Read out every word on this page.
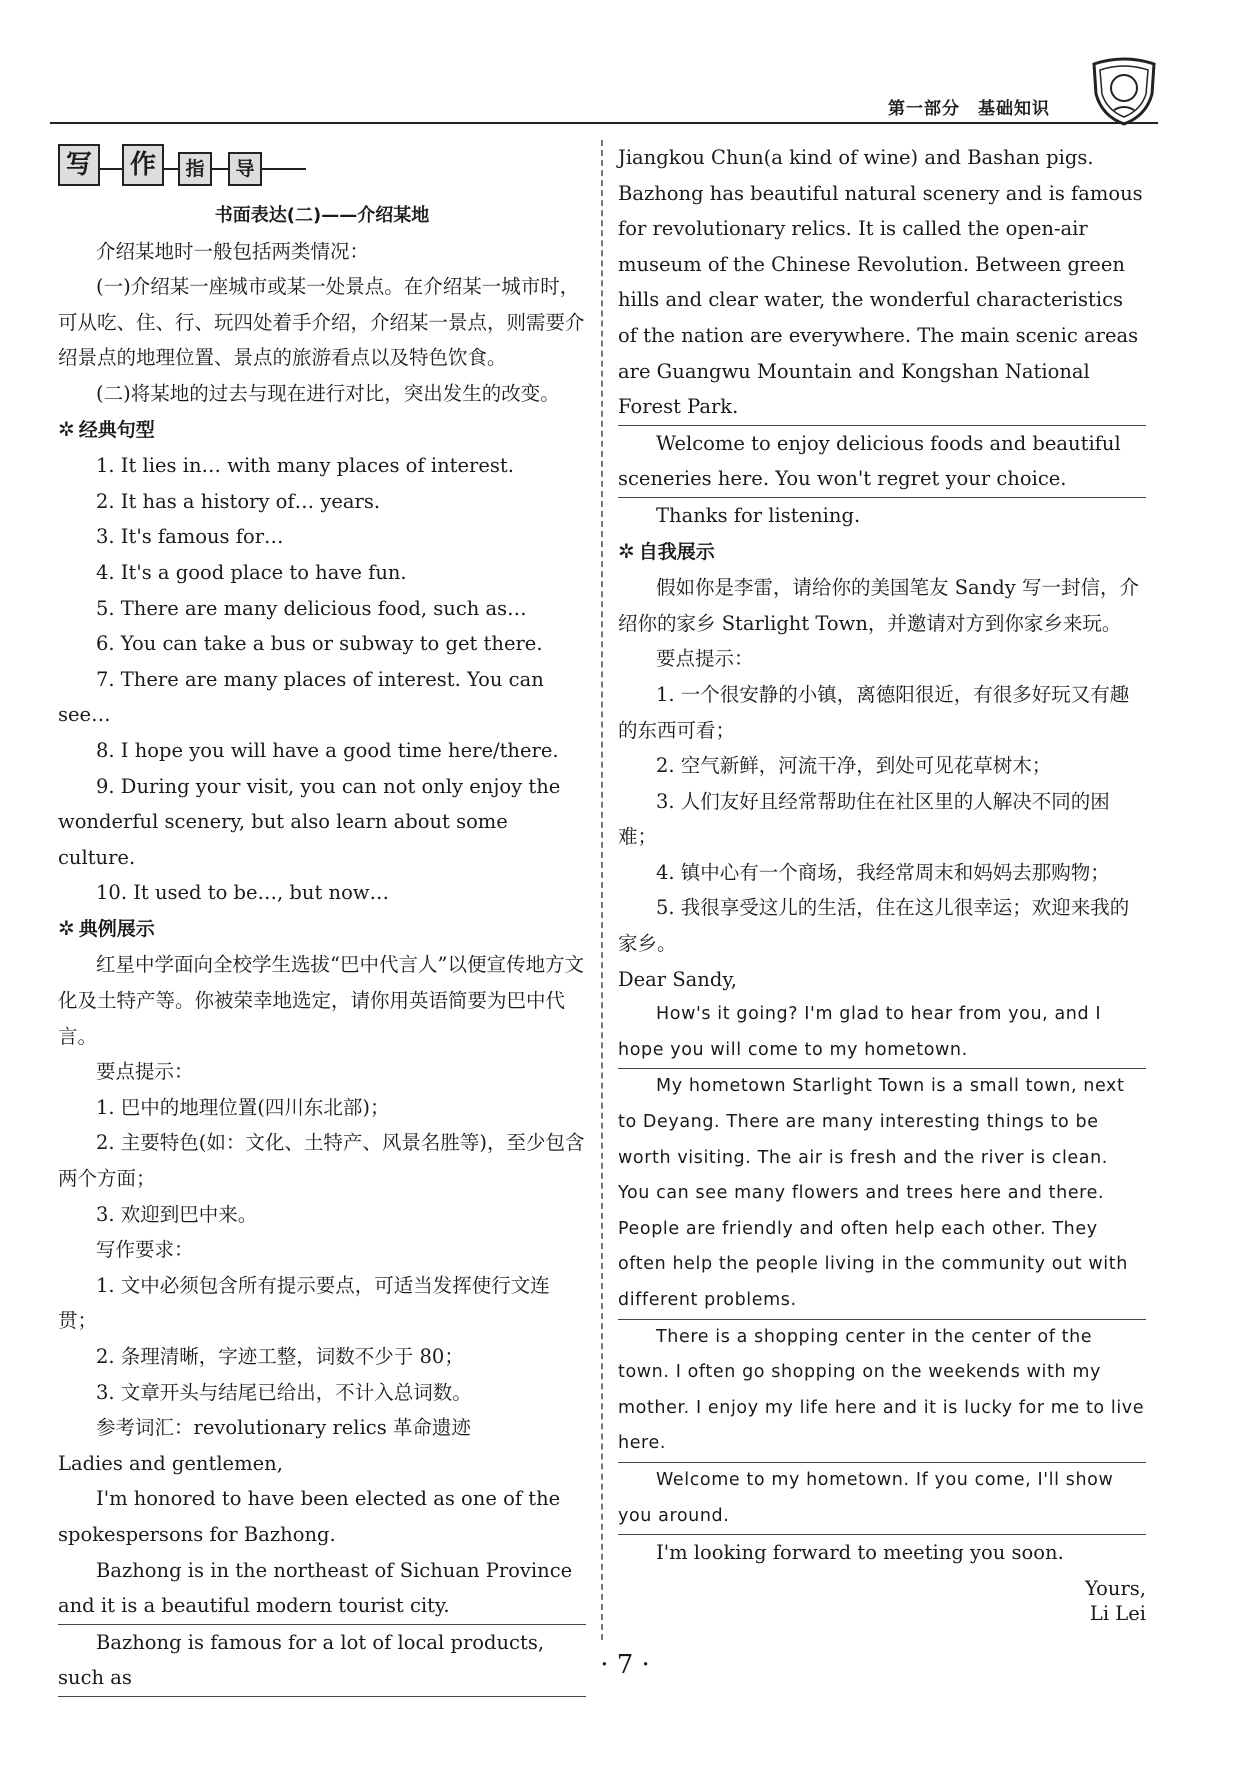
第一部分　基础知识
写	作	指	导

书面表达(二)——介绍某地

介绍某地时一般包括两类情况：

(一)介绍某一座城市或某一处景点。在介绍某一城市时，可从吃、住、行、玩四处着手介绍，介绍某一景点，则需要介绍景点的地理位置、景点的旅游看点以及特色饮食。

(二)将某地的过去与现在进行对比，突出发生的改变。

✲ 经典句型

1. It lies in… with many places of interest.

2. It has a history of… years.

3. It's famous for…

4. It's a good place to have fun.

5. There are many delicious food, such as…

6. You can take a bus or subway to get there.

7. There are many places of interest. You can see…

8. I hope you will have a good time here/there.

9. During your visit, you can not only enjoy the wonderful scenery, but also learn about some culture.

10. It used to be…, but now…

✲ 典例展示

红星中学面向全校学生选拔“巴中代言人”以便宣传地方文化及土特产等。你被荣幸地选定，请你用英语简要为巴中代言。

要点提示：

1. 巴中的地理位置(四川东北部)；

2. 主要特色(如：文化、土特产、风景名胜等)，至少包含两个方面；

3. 欢迎到巴中来。

写作要求：

1. 文中必须包含所有提示要点，可适当发挥使行文连贯；

2. 条理清晰，字迹工整，词数不少于 80；

3. 文章开头与结尾已给出，不计入总词数。

参考词汇：revolutionary relics 革命遗迹

Ladies and gentlemen,

I'm honored to have been elected as one of the spokespersons for Bazhong.

Bazhong is in the northeast of Sichuan Province and it is a beautiful modern tourist city.

Bazhong is famous for a lot of local products, such as

Jiangkou Chun(a kind of wine) and Bashan pigs. Bazhong has beautiful natural scenery and is famous for revolutionary relics. It is called the open-air museum of the Chinese Revolution. Between green hills and clear water, the wonderful characteristics of the nation are everywhere. The main scenic areas are Guangwu Mountain and Kongshan National Forest Park.

Welcome to enjoy delicious foods and beautiful sceneries here. You won't regret your choice.

Thanks for listening.

✲ 自我展示

假如你是李雷，请给你的美国笔友 Sandy 写一封信，介绍你的家乡 Starlight Town，并邀请对方到你家乡来玩。

要点提示：

1. 一个很安静的小镇，离德阳很近，有很多好玩又有趣的东西可看；

2. 空气新鲜，河流干净，到处可见花草树木；

3. 人们友好且经常帮助住在社区里的人解决不同的困难；

4. 镇中心有一个商场，我经常周末和妈妈去那购物；

5. 我很享受这儿的生活，住在这儿很幸运；欢迎来我的家乡。

Dear Sandy,

How's it going? I'm glad to hear from you, and I hope you will come to my hometown.

My hometown Starlight Town is a small town, next to Deyang. There are many interesting things to be worth visiting. The air is fresh and the river is clean. You can see many flowers and trees here and there. People are friendly and often help each other. They often help the people living in the community out with different problems.

There is a shopping center in the center of the town. I often go shopping on the weekends with my mother. I enjoy my life here and it is lucky for me to live here.

Welcome to my hometown. If you come, I'll show you around.

I'm looking forward to meeting you soon.

Yours,

Li Lei

· 7 ·
